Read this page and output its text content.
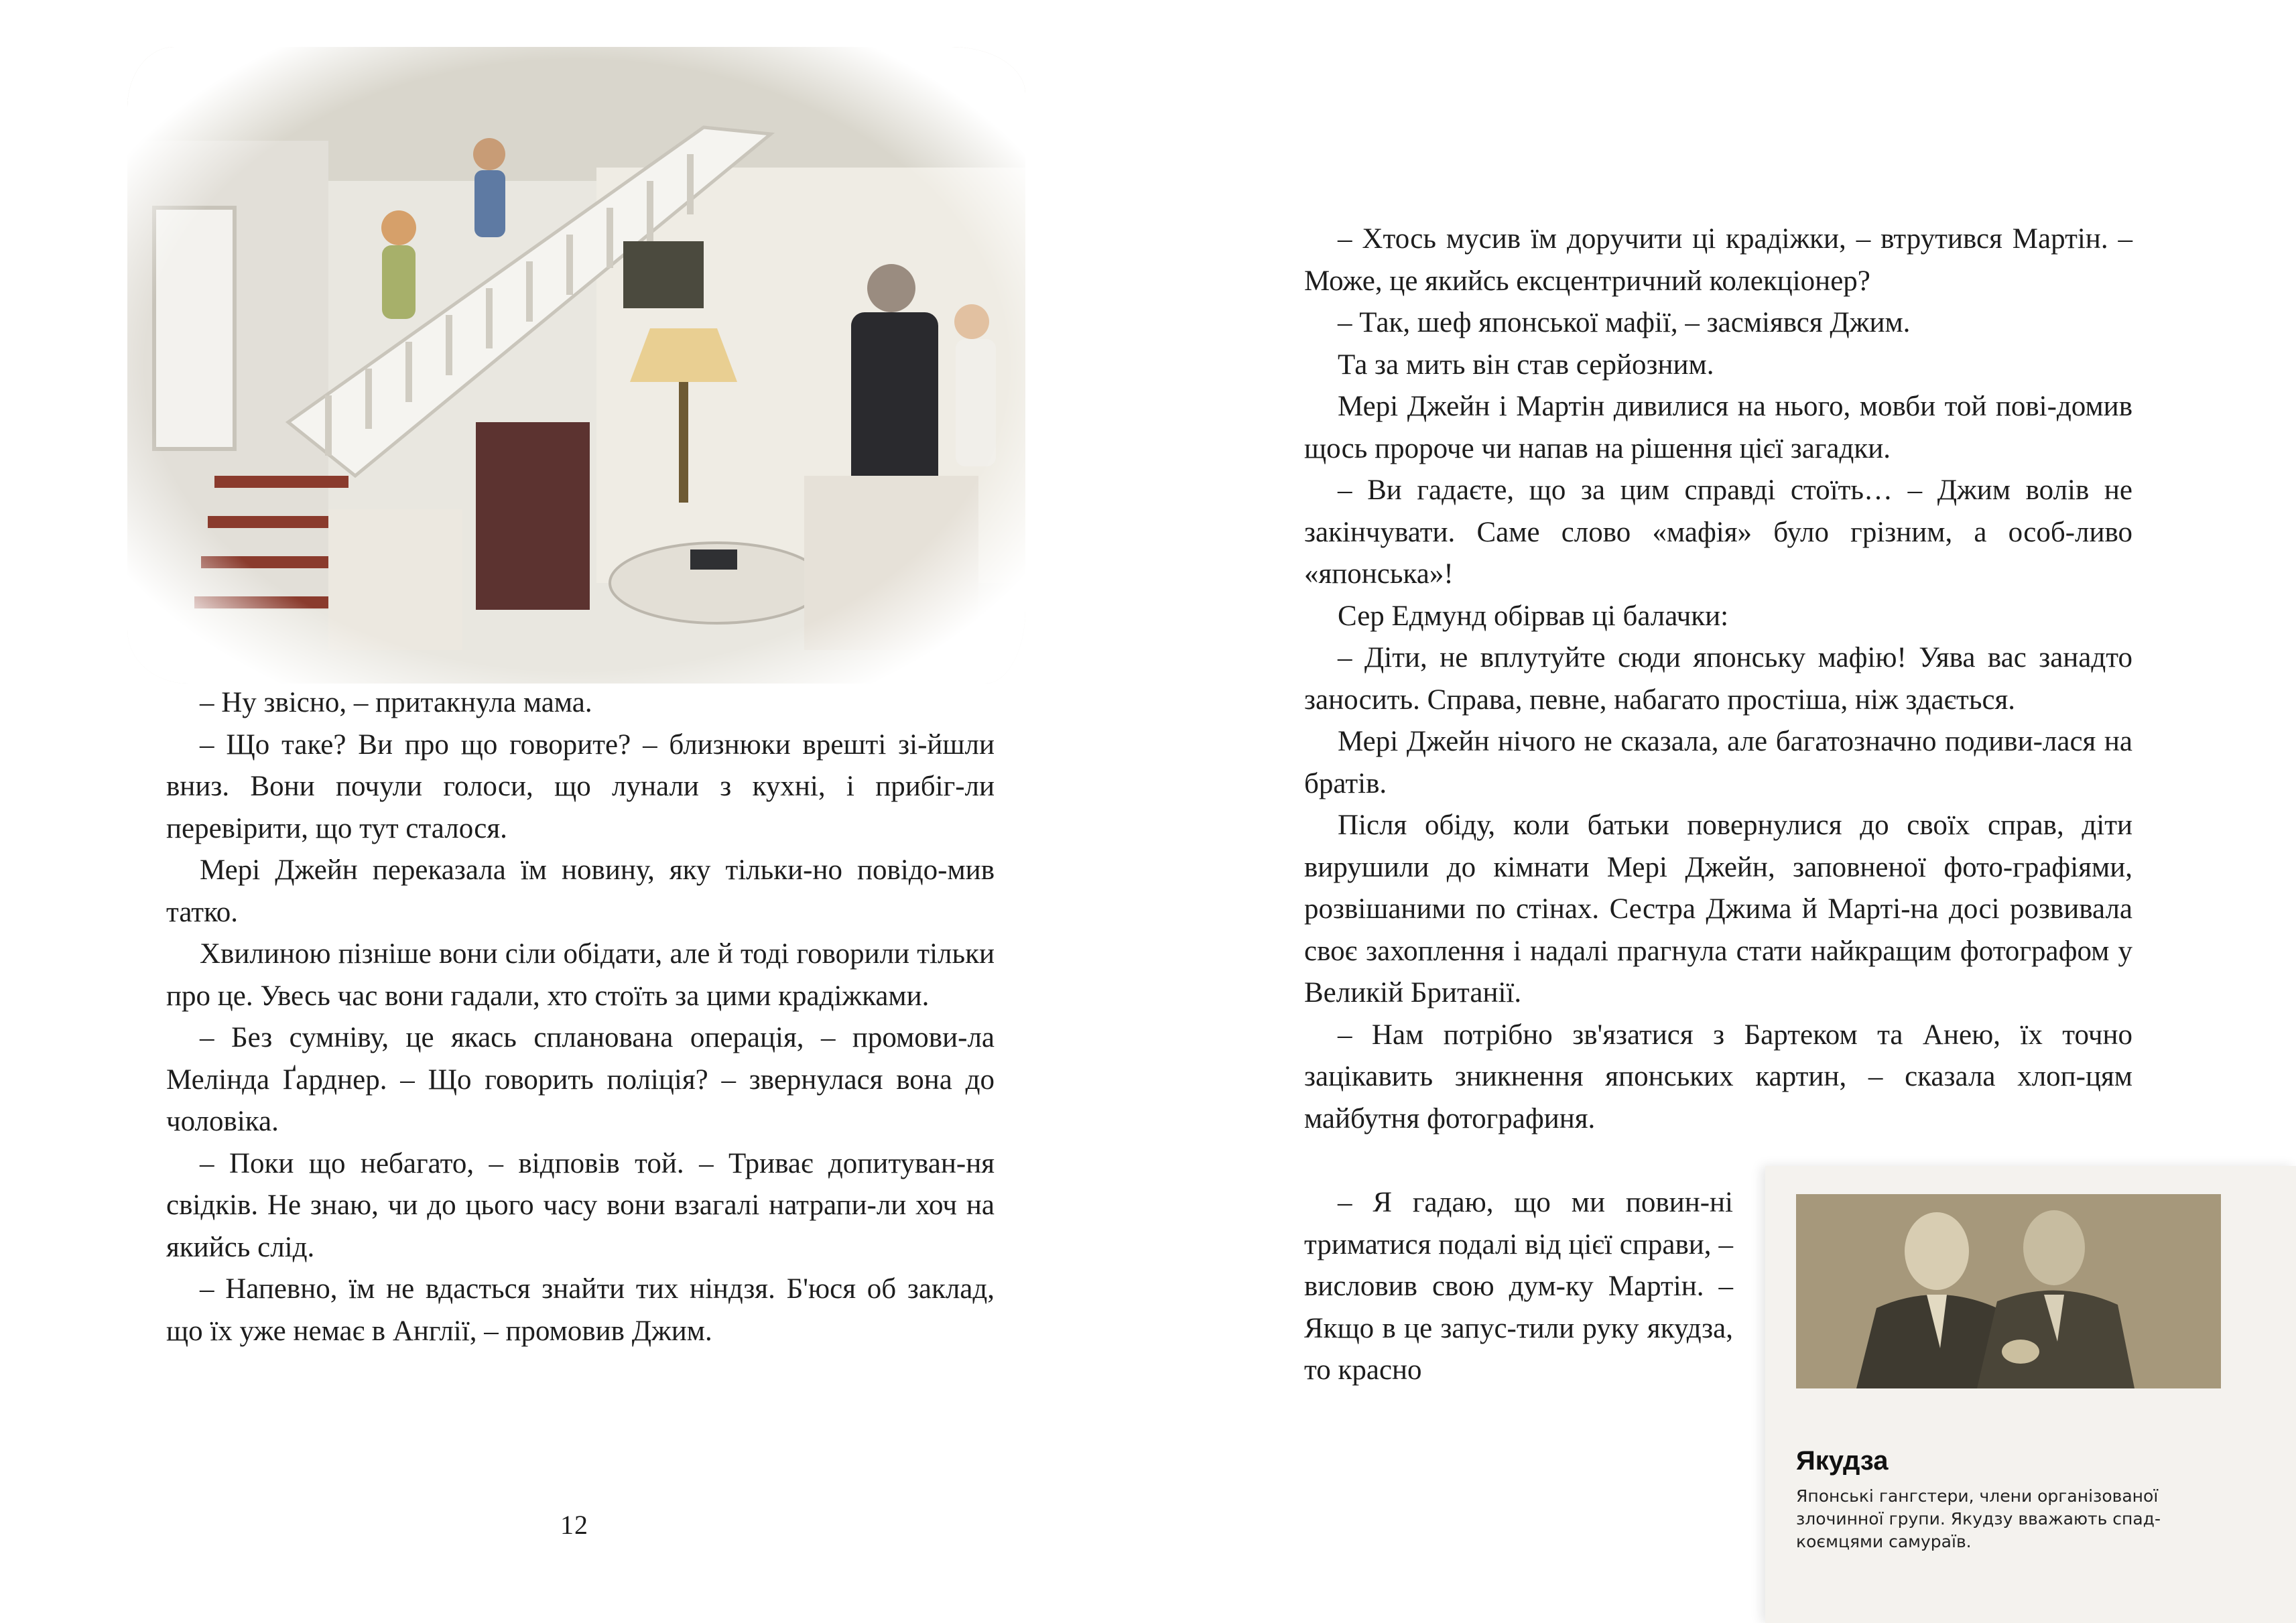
– Ну звісно, – притакнула мама.

– Що таке? Ви про що говорите? – близнюки врешті зі-йшли вниз. Вони почули голоси, що лунали з кухні, і прибіг-ли перевірити, що тут сталося.

Мері Джейн переказала їм новину, яку тільки-но повідо-мив татко.

Хвилиною пізніше вони сіли обідати, але й тоді говорили тільки про це. Увесь час вони гадали, хто стоїть за цими крадіжками.

– Без сумніву, це якась спланована операція, – промови-ла Мелінда Ґарднер. – Що говорить поліція? – звернулася вона до чоловіка.

– Поки що небагато, – відповів той. – Триває допитуван-ня свідків. Не знаю, чи до цього часу вони взагалі натрапи-ли хоч на якийсь слід.

– Напевно, їм не вдасться знайти тих ніндзя. Б'юся об заклад, що їх уже немає в Англії, – промовив Джим.

12

– Хтось мусив їм доручити ці крадіжки, – втрутився Мартін. – Може, це якийсь ексцентричний колекціонер?

– Так, шеф японської мафії, – засміявся Джим.

Та за мить він став серйозним.

Мері Джейн і Мартін дивилися на нього, мовби той пові-домив щось пророче чи напав на рішення цієї загадки.

– Ви гадаєте, що за цим справді стоїть… – Джим волів не закінчувати. Саме слово «мафія» було грізним, а особ-ливо «японська»!

Сер Едмунд обірвав ці балачки:

– Діти, не вплутуйте сюди японську мафію! Уява вас занадто заносить. Справа, певне, набагато простіша, ніж здається.

Мері Джейн нічого не сказала, але багатозначно подиви-лася на братів.

Після обіду, коли батьки повернулися до своїх справ, діти вирушили до кімнати Мері Джейн, заповненої фото-графіями, розвішаними по стінах. Сестра Джима й Марті-на досі розвивала своє захоплення і надалі прагнула стати найкращим фотографом у Великій Британії.

– Нам потрібно зв'язатися з Бартеком та Анею, їх точно зацікавить зникнення японських картин, – сказала хлоп-цям майбутня фотографиня.

– Я гадаю, що ми повин-ні триматися подалі від цієї справи, – висловив свою дум-ку Мартін. – Якщо в це запус-тили руку якудза, то красно

Якудза
Японські гангстери, члени організованої
злочинної групи. Якудзу вважають спад-
коємцями самураїв.
